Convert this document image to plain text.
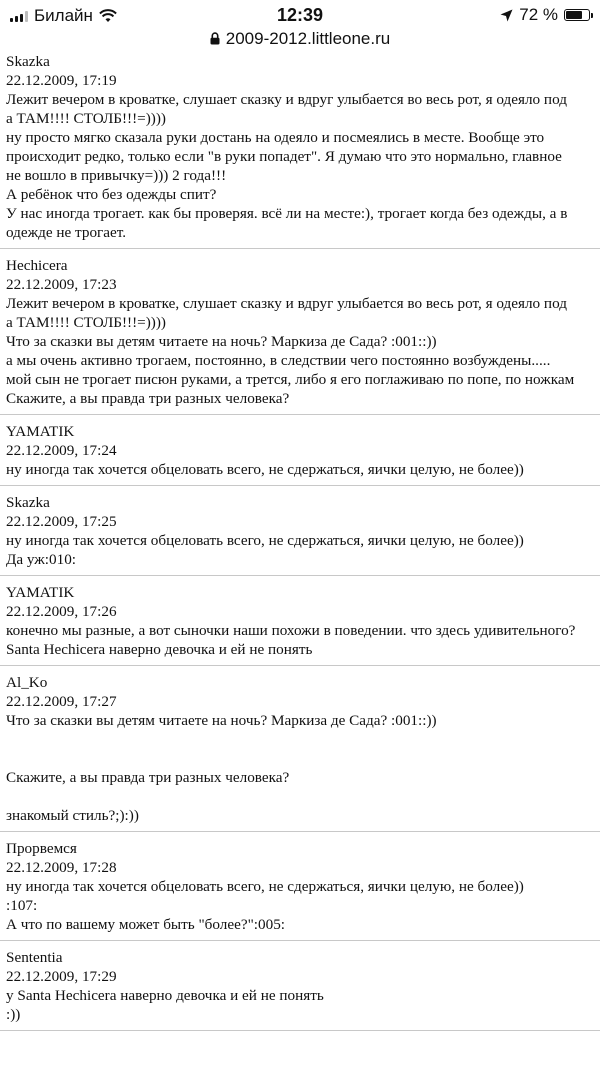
Билайн	12:39	72 %
2009-2012.littleone.ru
Skazka
22.12.2009, 17:19
Лежит вечером в кроватке, слушает сказку и вдруг улыбается во весь рот, я одеяло под
а ТАМ!!!! СТОЛБ!!!=))))
ну просто мягко сказала руки достань на одеяло и посмеялись в месте. Вообще это
происходит редко, только если "в руки попадет". Я думаю что это нормально, главное
не вошло в привычку=))) 2 года!!!
А ребёнок что без одежды спит?
У нас иногда трогает. как бы проверяя. всё ли на месте:), трогает когда без одежды, а в
одежде не трогает.
Hechicera
22.12.2009, 17:23
Лежит вечером в кроватке, слушает сказку и вдруг улыбается во весь рот, я одеяло под
а ТАМ!!!! СТОЛБ!!!=))))
Что за сказки вы детям читаете на ночь? Маркиза де Сада? :001::))
а мы очень активно трогаем, постоянно, в следствии чего постоянно возбуждены.....
мой сын не трогает писюн руками, а трется, либо я его поглаживаю по попе, по ножкам
Скажите, а вы правда три разных человека?
YAMATIK
22.12.2009, 17:24
ну иногда так хочется обцеловать всего, не сдержаться, яички целую, не более))
Skazka
22.12.2009, 17:25
ну иногда так хочется обцеловать всего, не сдержаться, яички целую, не более))
Да уж:010:
YAMATIK
22.12.2009, 17:26
конечно мы разные, а вот сыночки наши похожи в поведении. что здесь удивительного?
Santa Hechicera наверно девочка и ей не понять
Al_Ko
22.12.2009, 17:27
Что за сказки вы детям читаете на ночь? Маркиза де Сада? :001::))
Скажите, а вы правда три разных человека?
знакомый стиль?;):))
Прорвемся
22.12.2009, 17:28
ну иногда так хочется обцеловать всего, не сдержаться, яички целую, не более))
:107:
А что по вашему может быть "более?":005:
Sententia
22.12.2009, 17:29
у Santa Hechicera наверно девочка и ей не понять
:))
